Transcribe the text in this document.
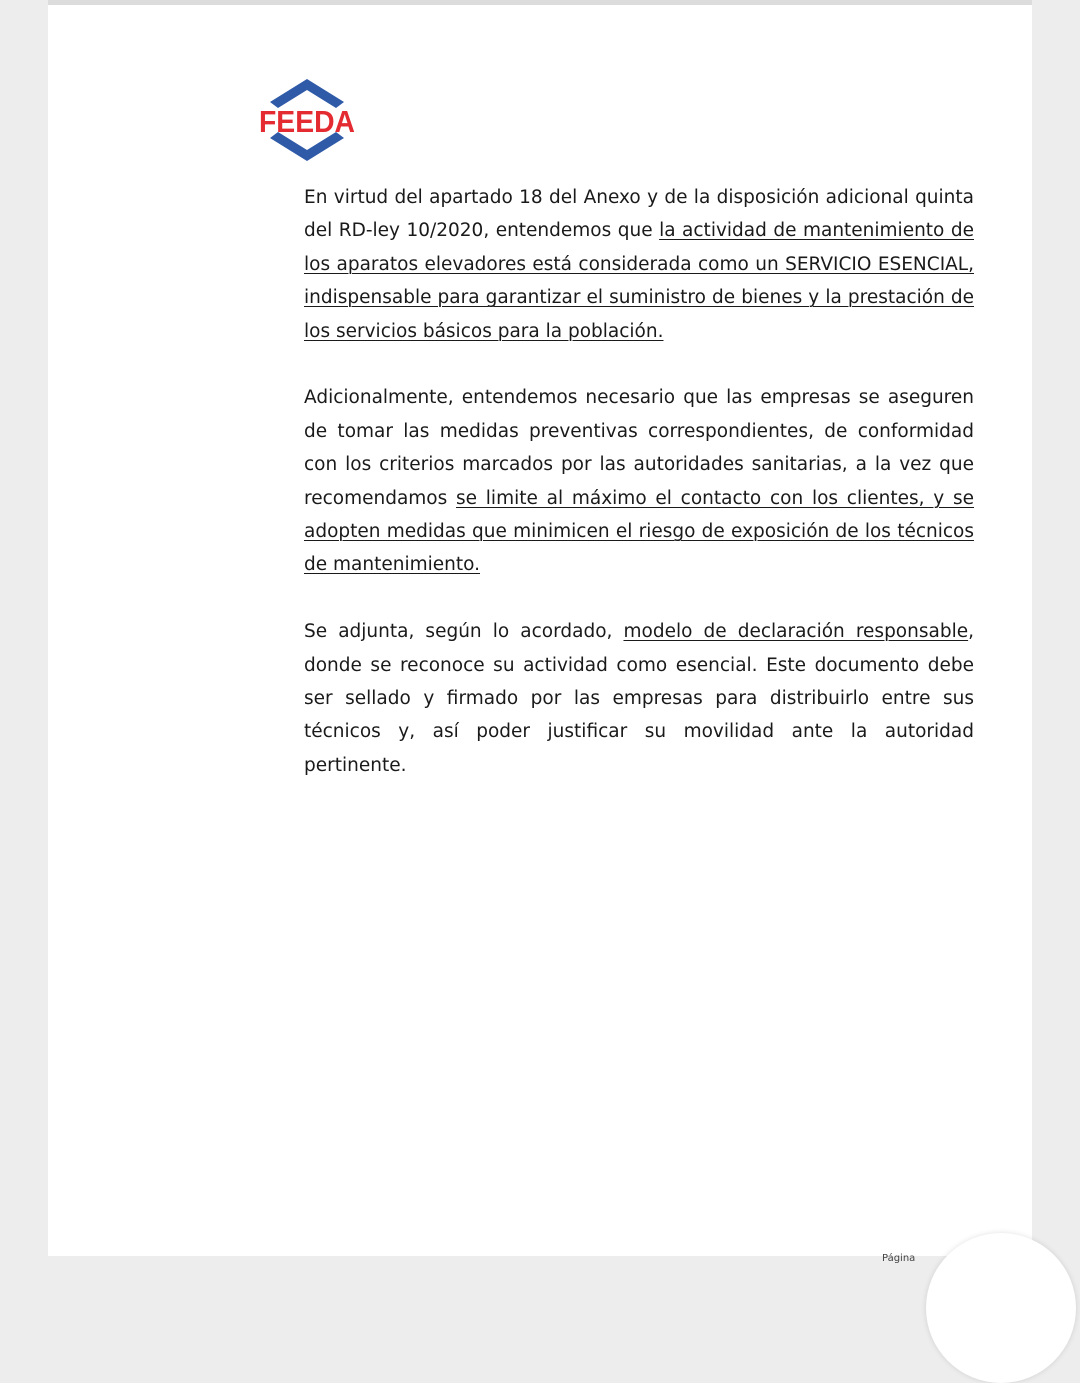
FEEDA

En virtud del apartado 18 del Anexo y de la disposición adicional quinta del RD-ley 10/2020, entendemos que la actividad de mantenimiento de los aparatos elevadores está considerada como un SERVICIO ESENCIAL, indispensable para garantizar el suministro de bienes y la prestación de los servicios básicos para la población.

Adicionalmente, entendemos necesario que las empresas se aseguren de tomar las medidas preventivas correspondientes, de conformidad con los criterios marcados por las autoridades sanitarias, a la vez que recomendamos se limite al máximo el contacto con los clientes, y se adopten medidas que minimicen el riesgo de exposición de los técnicos de mantenimiento.

Se adjunta, según lo acordado, modelo de declaración responsable, donde se reconoce su actividad como esencial. Este documento debe ser sellado y firmado por las empresas para distribuirlo entre sus técnicos y, así poder justificar su movilidad ante la autoridad pertinente.

Página
